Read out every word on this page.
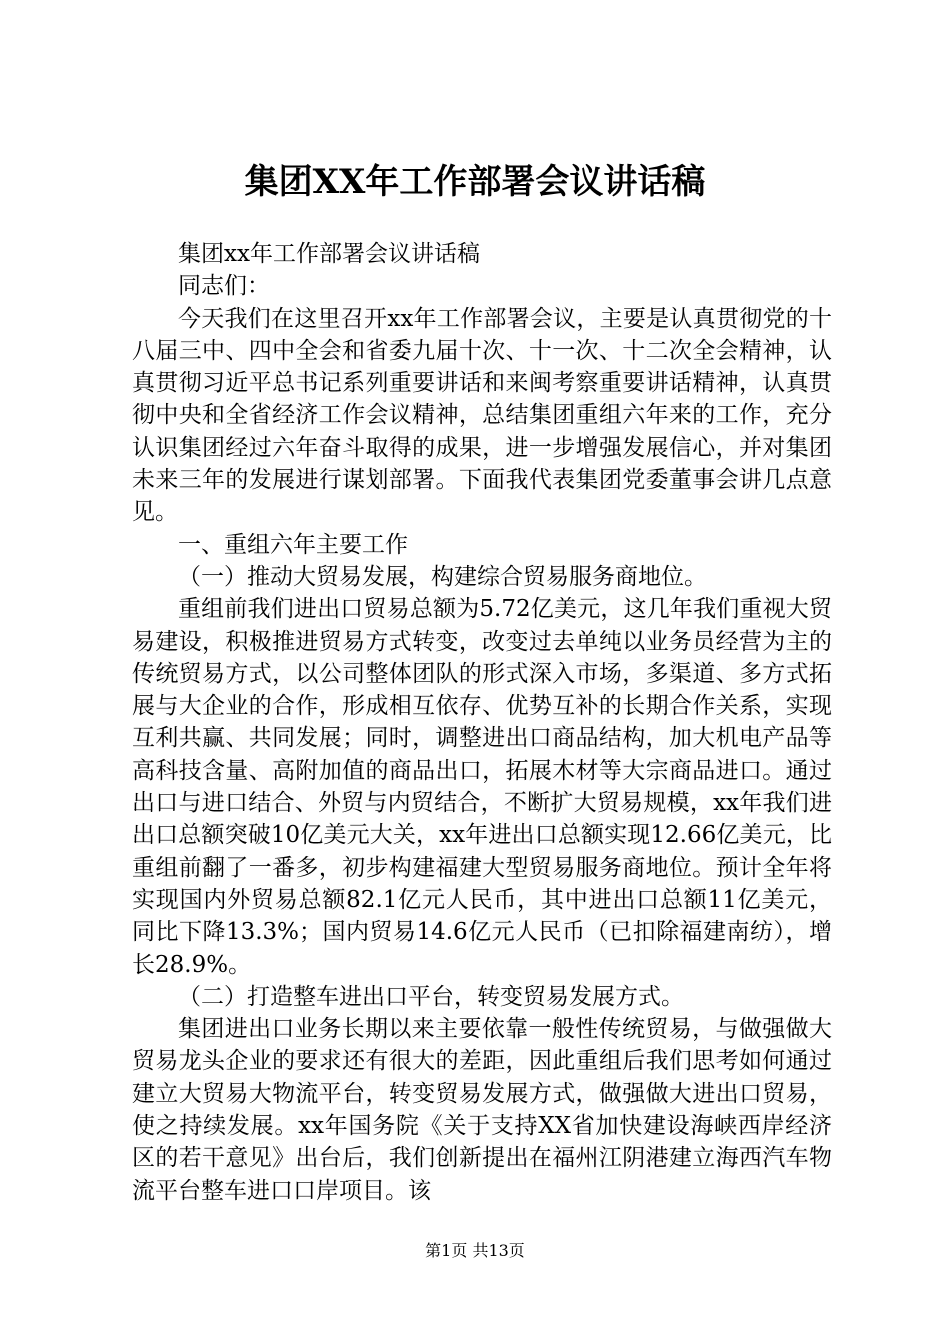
集团XX年工作部署会议讲话稿

集团xx年工作部署会议讲话稿

同志们：

今天我们在这里召开xx年工作部署会议，主要是认真贯彻党的十八届三中、四中全会和省委九届十次、十一次、十二次全会精神，认真贯彻习近平总书记系列重要讲话和来闽考察重要讲话精神，认真贯彻中央和全省经济工作会议精神，总结集团重组六年来的工作，充分认识集团经过六年奋斗取得的成果，进一步增强发展信心，并对集团未来三年的发展进行谋划部署。下面我代表集团党委董事会讲几点意见。

一、重组六年主要工作

（一）推动大贸易发展，构建综合贸易服务商地位。

重组前我们进出口贸易总额为5.72亿美元，这几年我们重视大贸易建设，积极推进贸易方式转变，改变过去单纯以业务员经营为主的传统贸易方式，以公司整体团队的形式深入市场，多渠道、多方式拓展与大企业的合作，形成相互依存、优势互补的长期合作关系，实现互利共赢、共同发展；同时，调整进出口商品结构，加大机电产品等高科技含量、高附加值的商品出口，拓展木材等大宗商品进口。通过出口与进口结合、外贸与内贸结合，不断扩大贸易规模，xx年我们进出口总额突破10亿美元大关，xx年进出口总额实现12.66亿美元，比重组前翻了一番多，初步构建福建大型贸易服务商地位。预计全年将实现国内外贸易总额82.1亿元人民币，其中进出口总额11亿美元，同比下降13.3%；国内贸易14.6亿元人民币（已扣除福建南纺），增长28.9%。

（二）打造整车进出口平台，转变贸易发展方式。

集团进出口业务长期以来主要依靠一般性传统贸易，与做强做大贸易龙头企业的要求还有很大的差距，因此重组后我们思考如何通过建立大贸易大物流平台，转变贸易发展方式，做强做大进出口贸易，使之持续发展。xx年国务院《关于支持XX省加快建设海峡西岸经济区的若干意见》出台后，我们创新提出在福州江阴港建立海西汽车物流平台整车进口口岸项目。该

第1页 共13页
